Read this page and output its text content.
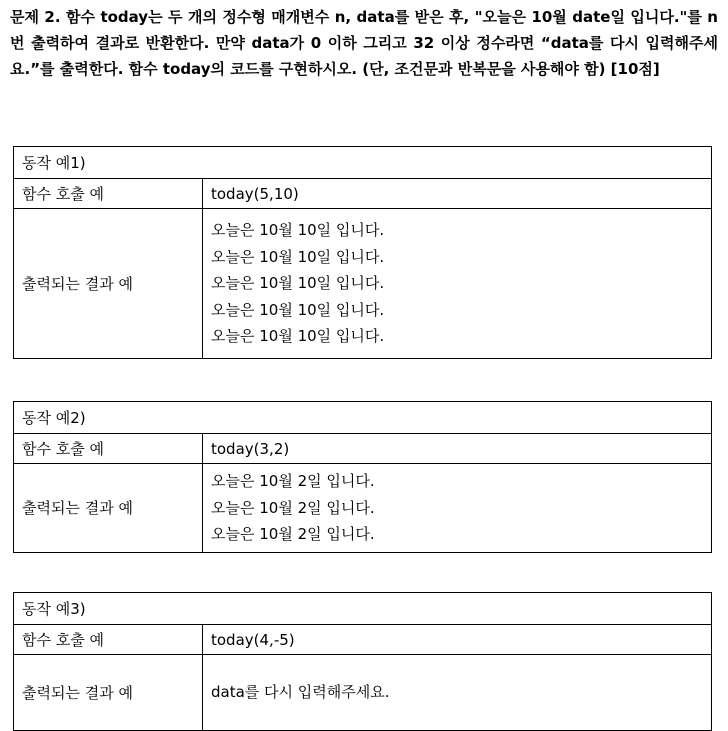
문제 2. 함수 today는 두 개의 정수형 매개변수 n, data를 받은 후, "오늘은 10월 date일 입니다."를 n번 출력하여 결과로 반환한다. 만약 data가 0 이하 그리고 32 이상 정수라면 “data를 다시 입력해주세요.”를 출력한다. 함수 today의 코드를 구현하시오. (단, 조건문과 반복문을 사용해야 함) [10점]
동작 예1)	
함수 호출 예	today(5,10)
출력되는 결과 예	오늘은 10월 10일 입니다.
오늘은 10월 10일 입니다.
오늘은 10월 10일 입니다.
오늘은 10월 10일 입니다.
오늘은 10월 10일 입니다.
동작 예2)	
함수 호출 예	today(3,2)
출력되는 결과 예	오늘은 10월 2일 입니다.
오늘은 10월 2일 입니다.
오늘은 10월 2일 입니다.
동작 예3)	
함수 호출 예	today(4,-5)
출력되는 결과 예	data를 다시 입력해주세요.
